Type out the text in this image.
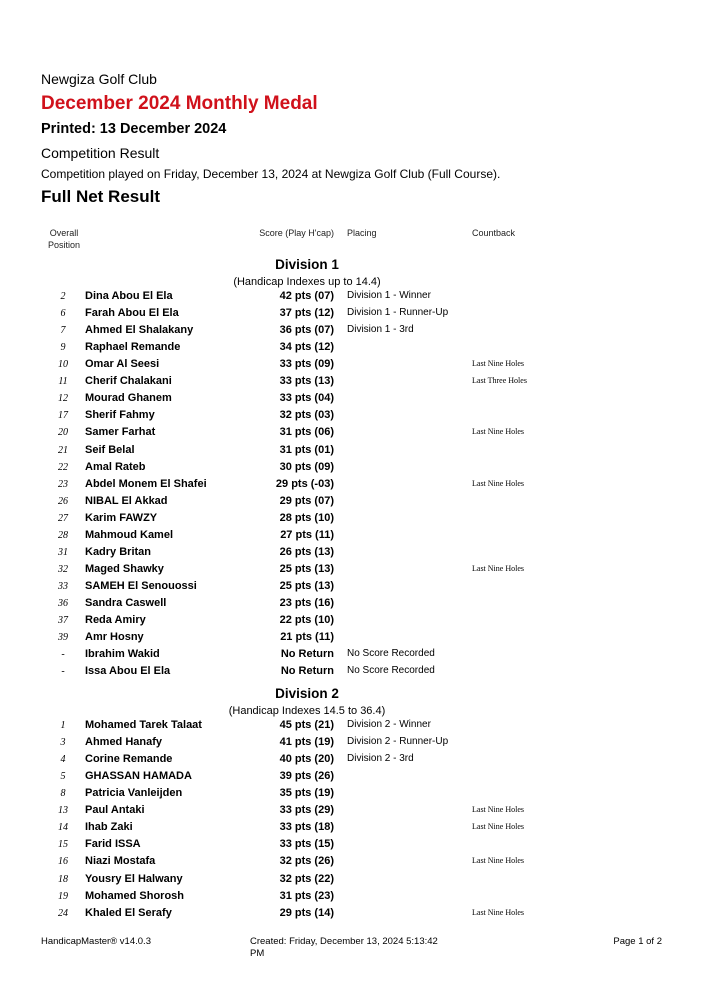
Newgiza Golf Club
December 2024 Monthly Medal
Printed: 13 December 2024
Competition Result
Competition played on Friday, December 13, 2024 at Newgiza Golf Club (Full Course).
Full Net Result
Overall Position
Score (Play H'cap) Placing	Countback
Division 1
(Handicap Indexes up to 14.4)
2	Dina Abou El Ela	42 pts (07) Division 1 - Winner
6	Farah Abou El Ela	37 pts (12) Division 1 - Runner-Up
7	Ahmed El Shalakany	36 pts (07) Division 1 - 3rd
9	Raphael Remande	34 pts (12)
10	Omar Al Seesi	33 pts (09)	Last Nine Holes
11	Cherif Chalakani	33 pts (13)	Last Three Holes
12	Mourad Ghanem	33 pts (04)
17	Sherif Fahmy	32 pts (03)
20	Samer Farhat	31 pts (06)	Last Nine Holes
21	Seif Belal	31 pts (01)
22	Amal Rateb	30 pts (09)
23	Abdel Monem El Shafei	29 pts (-03)	Last Nine Holes
26	NIBAL El Akkad	29 pts (07)
27	Karim FAWZY	28 pts (10)
28	Mahmoud Kamel	27 pts (11)
31	Kadry Britan	26 pts (13)
32	Maged Shawky	25 pts (13)	Last Nine Holes
33	SAMEH El Senouossi	25 pts (13)
36	Sandra Caswell	23 pts (16)
37	Reda Amiry	22 pts (10)
39	Amr Hosny	21 pts (11)
-	Ibrahim Wakid	No Return No Score Recorded
-	Issa Abou El Ela	No Return No Score Recorded
Division 2
(Handicap Indexes 14.5 to 36.4)
1	Mohamed Tarek Talaat	45 pts (21) Division 2 - Winner
3	Ahmed Hanafy	41 pts (19) Division 2 - Runner-Up
4	Corine Remande	40 pts (20) Division 2 - 3rd
5	GHASSAN HAMADA	39 pts (26)
8	Patricia Vanleijden	35 pts (19)
13	Paul Antaki	33 pts (29)	Last Nine Holes
14	Ihab Zaki	33 pts (18)	Last Nine Holes
15	Farid ISSA	33 pts (15)
16	Niazi Mostafa	32 pts (26)	Last Nine Holes
18	Yousry El Halwany	32 pts (22)
19	Mohamed Shorosh	31 pts (23)
24	Khaled El Serafy	29 pts (14)	Last Nine Holes
HandicapMaster® v14.0.3	Created: Friday, December 13, 2024 5:13:42 PM
Page 1 of 2
